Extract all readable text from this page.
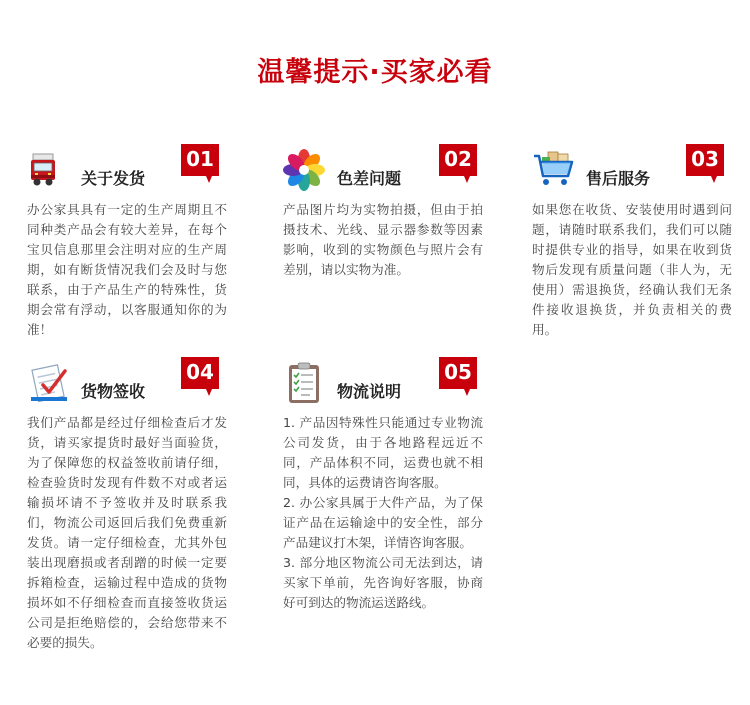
温馨提示·买家必看
关于发货
01

办公家具具有一定的生产周期且不同种类产品会有较大差异，在每个宝贝信息那里会注明对应的生产周期，如有断货情况我们会及时与您联系，由于产品生产的特殊性，货期会常有浮动，以客服通知你的为准！

色差问题
02

产品图片均为实物拍摄，但由于拍摄技术、光线、显示器参数等因素影响，收到的实物颜色与照片会有差别，请以实物为准。

售后服务
03

如果您在收货、安装使用时遇到问题，请随时联系我们，我们可以随时提供专业的指导，如果在收到货物后发现有质量问题（非人为，无使用）需退换货，经确认我们无条件接收退换货，并负责相关的费用。

货物签收
04

我们产品都是经过仔细检查后才发货，请买家提货时最好当面验货，为了保障您的权益签收前请仔细，检查验货时发现有件数不对或者运输损坏请不予签收并及时联系我们，物流公司返回后我们免费重新发货。请一定仔细检查，尤其外包装出现磨损或者刮蹭的时候一定要拆箱检查，运输过程中造成的货物损坏如不仔细检查而直接签收货运公司是拒绝赔偿的，会给您带来不必要的损失。

物流说明
05

1. 产品因特殊性只能通过专业物流公司发货，由于各地路程远近不同，产品体积不同，运费也就不相同，具体的运费请咨询客服。

2. 办公家具属于大件产品，为了保证产品在运输途中的安全性，部分产品建议打木架，详情咨询客服。

3. 部分地区物流公司无法到达，请买家下单前，先咨询好客服，协商好可到达的物流运送路线。
